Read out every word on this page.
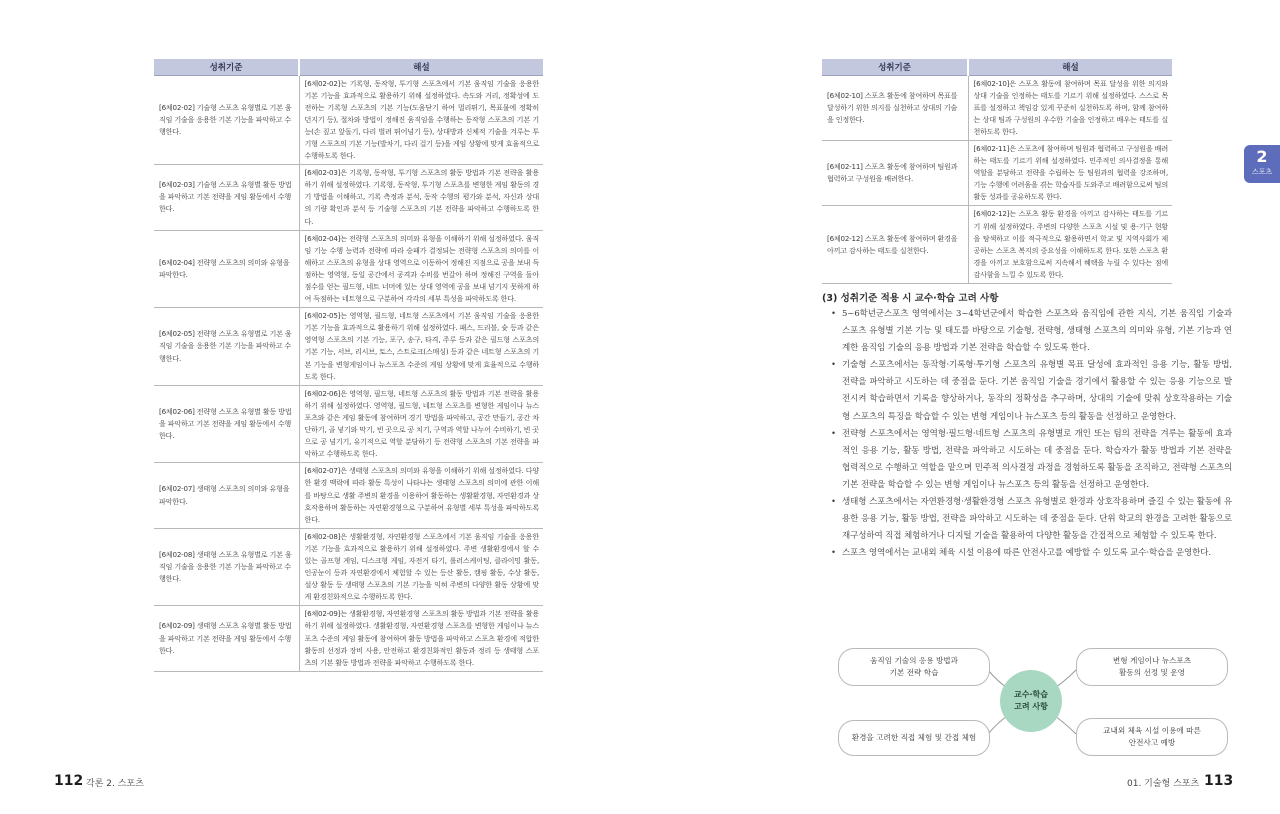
성취기준	해설
[6체02-02] 기술형 스포츠 유형별로 기본 움직임 기술을 응용한 기본 기능을 파악하고 수행한다.	[6체02-02]는 기록형, 동작형, 투기형 스포츠에서 기본 움직임 기술을 응용한 기본 기능을 효과적으로 활용하기 위해 설정하였다. 속도와 거리, 정확성에 도전하는 기록형 스포츠의 기본 기능(도움닫기 하여 멀리뛰기, 목표물에 정확히 던지기 등), 절차와 방법이 정해진 움직임을 수행하는 동작형 스포츠의 기본 기능(손 짚고 앞돌기, 다리 벌려 뛰어넘기 등), 상대방과 신체적 기술을 겨루는 투기형 스포츠의 기본 기능(발차기, 다리 걸기 등)을 게임 상황에 맞게 효율적으로 수행하도록 한다.
[6체02-03] 기술형 스포츠 유형별 활동 방법을 파악하고 기본 전략을 게임 활동에서 수행한다.	[6체02-03]은 기록형, 동작형, 투기형 스포츠의 활동 방법과 기본 전략을 활용하기 위해 설정하였다. 기록형, 동작형, 투기형 스포츠를 변형한 게임 활동의 경기 방법을 이해하고, 기록 측정과 분석, 동작 수행의 평가와 분석, 자신과 상대의 기량 확인과 분석 등 기술형 스포츠의 기본 전략을 파악하고 수행하도록 한다.
[6체02-04] 전략형 스포츠의 의미와 유형을 파악한다.	[6체02-04]는 전략형 스포츠의 의미와 유형을 이해하기 위해 설정하였다. 움직임 기능 수행 능력과 전략에 따라 승패가 결정되는 전략형 스포츠의 의미를 이해하고 스포츠의 유형을 상대 영역으로 이동하여 정해진 지점으로 공을 보내 득점하는 영역형, 동일 공간에서 공격과 수비를 번갈아 하며 정해진 구역을 돌아 점수를 얻는 필드형, 네트 너머에 있는 상대 영역에 공을 보내 넘기지 못하게 하여 득점하는 네트형으로 구분하여 각각의 세부 특성을 파악하도록 한다.
[6체02-05] 전략형 스포츠 유형별로 기본 움직임 기술을 응용한 기본 기능을 파악하고 수행한다.	[6체02-05]는 영역형, 필드형, 네트형 스포츠에서 기본 움직임 기술을 응용한 기본 기능을 효과적으로 활용하기 위해 설정하였다. 패스, 드리블, 슛 등과 같은 영역형 스포츠의 기본 기능, 포구, 송구, 타격, 주루 등과 같은 필드형 스포츠의 기본 기능, 서브, 리시브, 토스, 스트로크(스매싱) 등과 같은 네트형 스포츠의 기본 기능을 변형게임이나 뉴스포츠 수준의 게임 상황에 맞게 효율적으로 수행하도록 한다.
[6체02-06] 전략형 스포츠 유형별 활동 방법을 파악하고 기본 전략을 게임 활동에서 수행한다.	[6체02-06]은 영역형, 필드형, 네트형 스포츠의 활동 방법과 기본 전략을 활용하기 위해 설정하였다. 영역형, 필드형, 네트형 스포츠를 변형한 게임이나 뉴스포츠와 같은 게임 활동에 참여하며 경기 방법을 파악하고, 공간 만들기, 공간 차단하기, 골 넣기와 막기, 빈 곳으로 공 치기, 구역과 역할 나누어 수비하기, 빈 곳으로 공 넘기기, 유기적으로 역할 분담하기 등 전략형 스포츠의 기본 전략을 파악하고 수행하도록 한다.
[6체02-07] 생태형 스포츠의 의미와 유형을 파악한다.	[6체02-07]은 생태형 스포츠의 의미와 유형을 이해하기 위해 설정하였다. 다양한 환경 맥락에 따라 활동 특성이 나타나는 생태형 스포츠의 의미에 관한 이해를 바탕으로 생활 주변의 환경을 이용하여 활동하는 생활환경형, 자연환경과 상호작용하며 활동하는 자연환경형으로 구분하여 유형별 세부 특성을 파악하도록 한다.
[6체02-08] 생태형 스포츠 유형별로 기본 움직임 기술을 응용한 기본 기능을 파악하고 수행한다.	[6체02-08]은 생활환경형, 자연환경형 스포츠에서 기본 움직임 기술을 응용한 기본 기능을 효과적으로 활용하기 위해 설정하였다. 주변 생활환경에서 할 수 있는 골프형 게임, 디스크형 게임, 자전거 타기, 롤러스케이팅, 클라이밍 활동, 인공눈이 등과 자연환경에서 체험할 수 있는 등산 활동, 캠핑 활동, 수상 활동, 설상 활동 등 생태형 스포츠의 기본 기능을 익혀 주변의 다양한 활동 상황에 맞게 환경친화적으로 수행하도록 한다.
[6체02-09] 생태형 스포츠 유형별 활동 방법을 파악하고 기본 전략을 게임 활동에서 수행한다.	[6체02-09]는 생활환경형, 자연환경형 스포츠의 활동 방법과 기본 전략을 활용하기 위해 설정하였다. 생활환경형, 자연환경형 스포츠를 변형한 게임이나 뉴스포츠 수준의 게임 활동에 참여하며 활동 방법을 파악하고 스포츠 환경에 적합한 활동의 선정과 장비 사용, 안전하고 환경친화적인 활동과 정리 등 생태형 스포츠의 기본 활동 방법과 전략을 파악하고 수행하도록 한다.
112 각론 2. 스포츠
성취기준	해설
[6체02-10] 스포츠 활동에 참여하며 목표를 달성하기 위한 의지를 실천하고 상대의 기술을 인정한다.	[6체02-10]은 스포츠 활동에 참여하며 목표 달성을 위한 의지와 상대 기술을 인정하는 태도를 기르기 위해 설정하였다. 스스로 목표를 설정하고 책임감 있게 꾸준히 실천하도록 하며, 함께 참여하는 상대 팀과 구성원의 우수한 기술을 인정하고 배우는 태도를 실천하도록 한다.
[6체02-11] 스포츠 활동에 참여하며 팀원과 협력하고 구성원을 배려한다.	[6체02-11]은 스포츠에 참여하며 팀원과 협력하고 구성원을 배려하는 태도를 기르기 위해 설정하였다. 민주적인 의사결정을 통해 역할을 분담하고 전략을 수립하는 등 팀원과의 협력을 강조하며, 기능 수행에 어려움을 겪는 학습자를 도와주고 배려함으로써 팀의 활동 성과를 공유하도록 한다.
[6체02-12] 스포츠 활동에 참여하며 환경을 아끼고 감사하는 태도를 실천한다.	[6체02-12]는 스포츠 활동 환경을 아끼고 감사하는 태도를 기르기 위해 설정하였다. 주변의 다양한 스포츠 시설 및 용·기구 현황을 탐색하고 이를 적극적으로 활용하면서 학교 및 지역사회가 제공하는 스포츠 복지의 중요성을 이해하도록 한다. 또한 스포츠 환경을 아끼고 보호함으로써 지속해서 혜택을 누릴 수 있다는 점에 감사함을 느낄 수 있도록 한다.
2
스포츠
(3) 성취기준 적용 시 교수·학습 고려 사항
• 5~6학년군스포츠 영역에서는 3~4학년군에서 학습한 스포츠와 움직임에 관한 지식, 기본 움직임 기술과 스포츠 유형별 기본 기능 및 태도를 바탕으로 기술형, 전략형, 생태형 스포츠의 의미와 유형, 기본 기능과 연계한 움직임 기술의 응용 방법과 기본 전략을 학습할 수 있도록 한다.
• 기술형 스포츠에서는 동작형·기록형·투기형 스포츠의 유형별 목표 달성에 효과적인 응용 기능, 활동 방법, 전략을 파악하고 시도하는 데 중점을 둔다. 기본 움직임 기술을 경기에서 활용할 수 있는 응용 기능으로 발전시켜 학습하면서 기록을 향상하거나, 동작의 정확성을 추구하며, 상대의 기술에 맞춰 상호작용하는 기술형 스포츠의 특징을 학습할 수 있는 변형 게임이나 뉴스포츠 등의 활동을 선정하고 운영한다.
• 전략형 스포츠에서는 영역형·필드형·네트형 스포츠의 유형별로 개인 또는 팀의 전략을 겨루는 활동에 효과적인 응용 기능, 활동 방법, 전략을 파악하고 시도하는 데 중점을 둔다. 학습자가 활동 방법과 기본 전략을 협력적으로 수행하고 역할을 맡으며 민주적 의사결정 과정을 경험하도록 활동을 조직하고, 전략형 스포츠의 기본 전략을 학습할 수 있는 변형 게임이나 뉴스포츠 등의 활동을 선정하고 운영한다.
• 생태형 스포츠에서는 자연환경형·생활환경형 스포츠 유형별로 환경과 상호작용하며 즐길 수 있는 활동에 유용한 응용 기능, 활동 방법, 전략을 파악하고 시도하는 데 중점을 둔다. 단위 학교의 환경을 고려한 활동으로 재구성하여 직접 체험하거나 디지털 기술을 활용하여 다양한 활동을 간접적으로 체험할 수 있도록 한다.
• 스포츠 영역에서는 교내외 체육 시설 이용에 따른 안전사고를 예방할 수 있도록 교수·학습을 운영한다.
움직임 기술의 응용 방법과
기본 전략 학습
변형 게임이나 뉴스포츠
활동의 선정 및 운영
환경을 고려한 직접 체험 및 간접 체험
교내외 체육 시설 이용에 따른
안전사고 예방
교수·학습
고려 사항
01. 기술형 스포츠 113
